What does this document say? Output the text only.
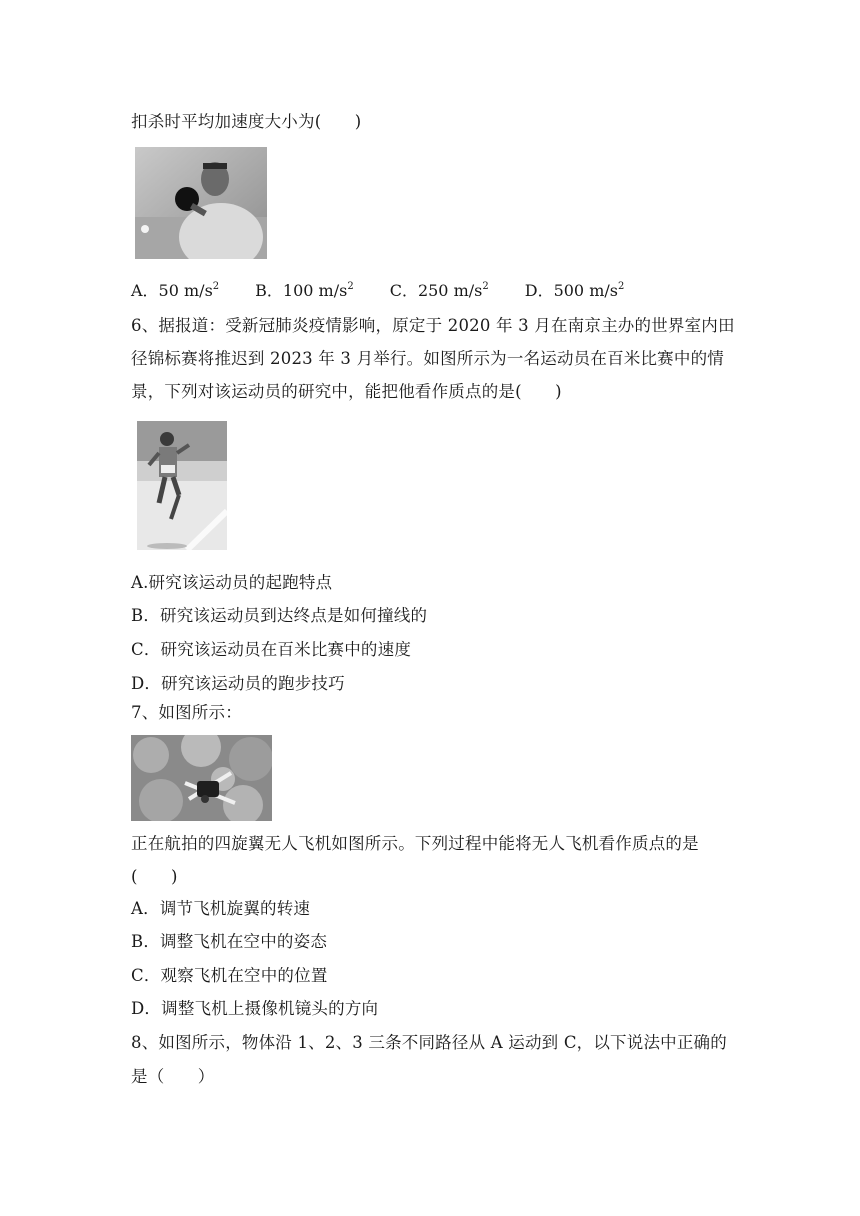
扣杀时平均加速度大小为(　　)
A．50 $m/s^2$ B．100 $m/s^2$ C．250 $m/s^2$ D．500 $m/s^2$
6、据报道：受新冠肺炎疫情影响，原定于 2020 年 3 月在南京主办的世界室内田
径锦标赛将推迟到 2023 年 3 月举行。如图所示为一名运动员在百米比赛中的情
景，下列对该运动员的研究中，能把他看作质点的是(　　)
A.研究该运动员的起跑特点
B．研究该运动员到达终点是如何撞线的
C．研究该运动员在百米比赛中的速度
D．研究该运动员的跑步技巧
7、如图所示：
正在航拍的四旋翼无人飞机如图所示。下列过程中能将无人飞机看作质点的是
(　　)
A．调节飞机旋翼的转速
B．调整飞机在空中的姿态
C．观察飞机在空中的位置
D．调整飞机上摄像机镜头的方向
8、如图所示，物体沿 1、2、3 三条不同路径从 A 运动到 C，以下说法中正确的
是（　　）
